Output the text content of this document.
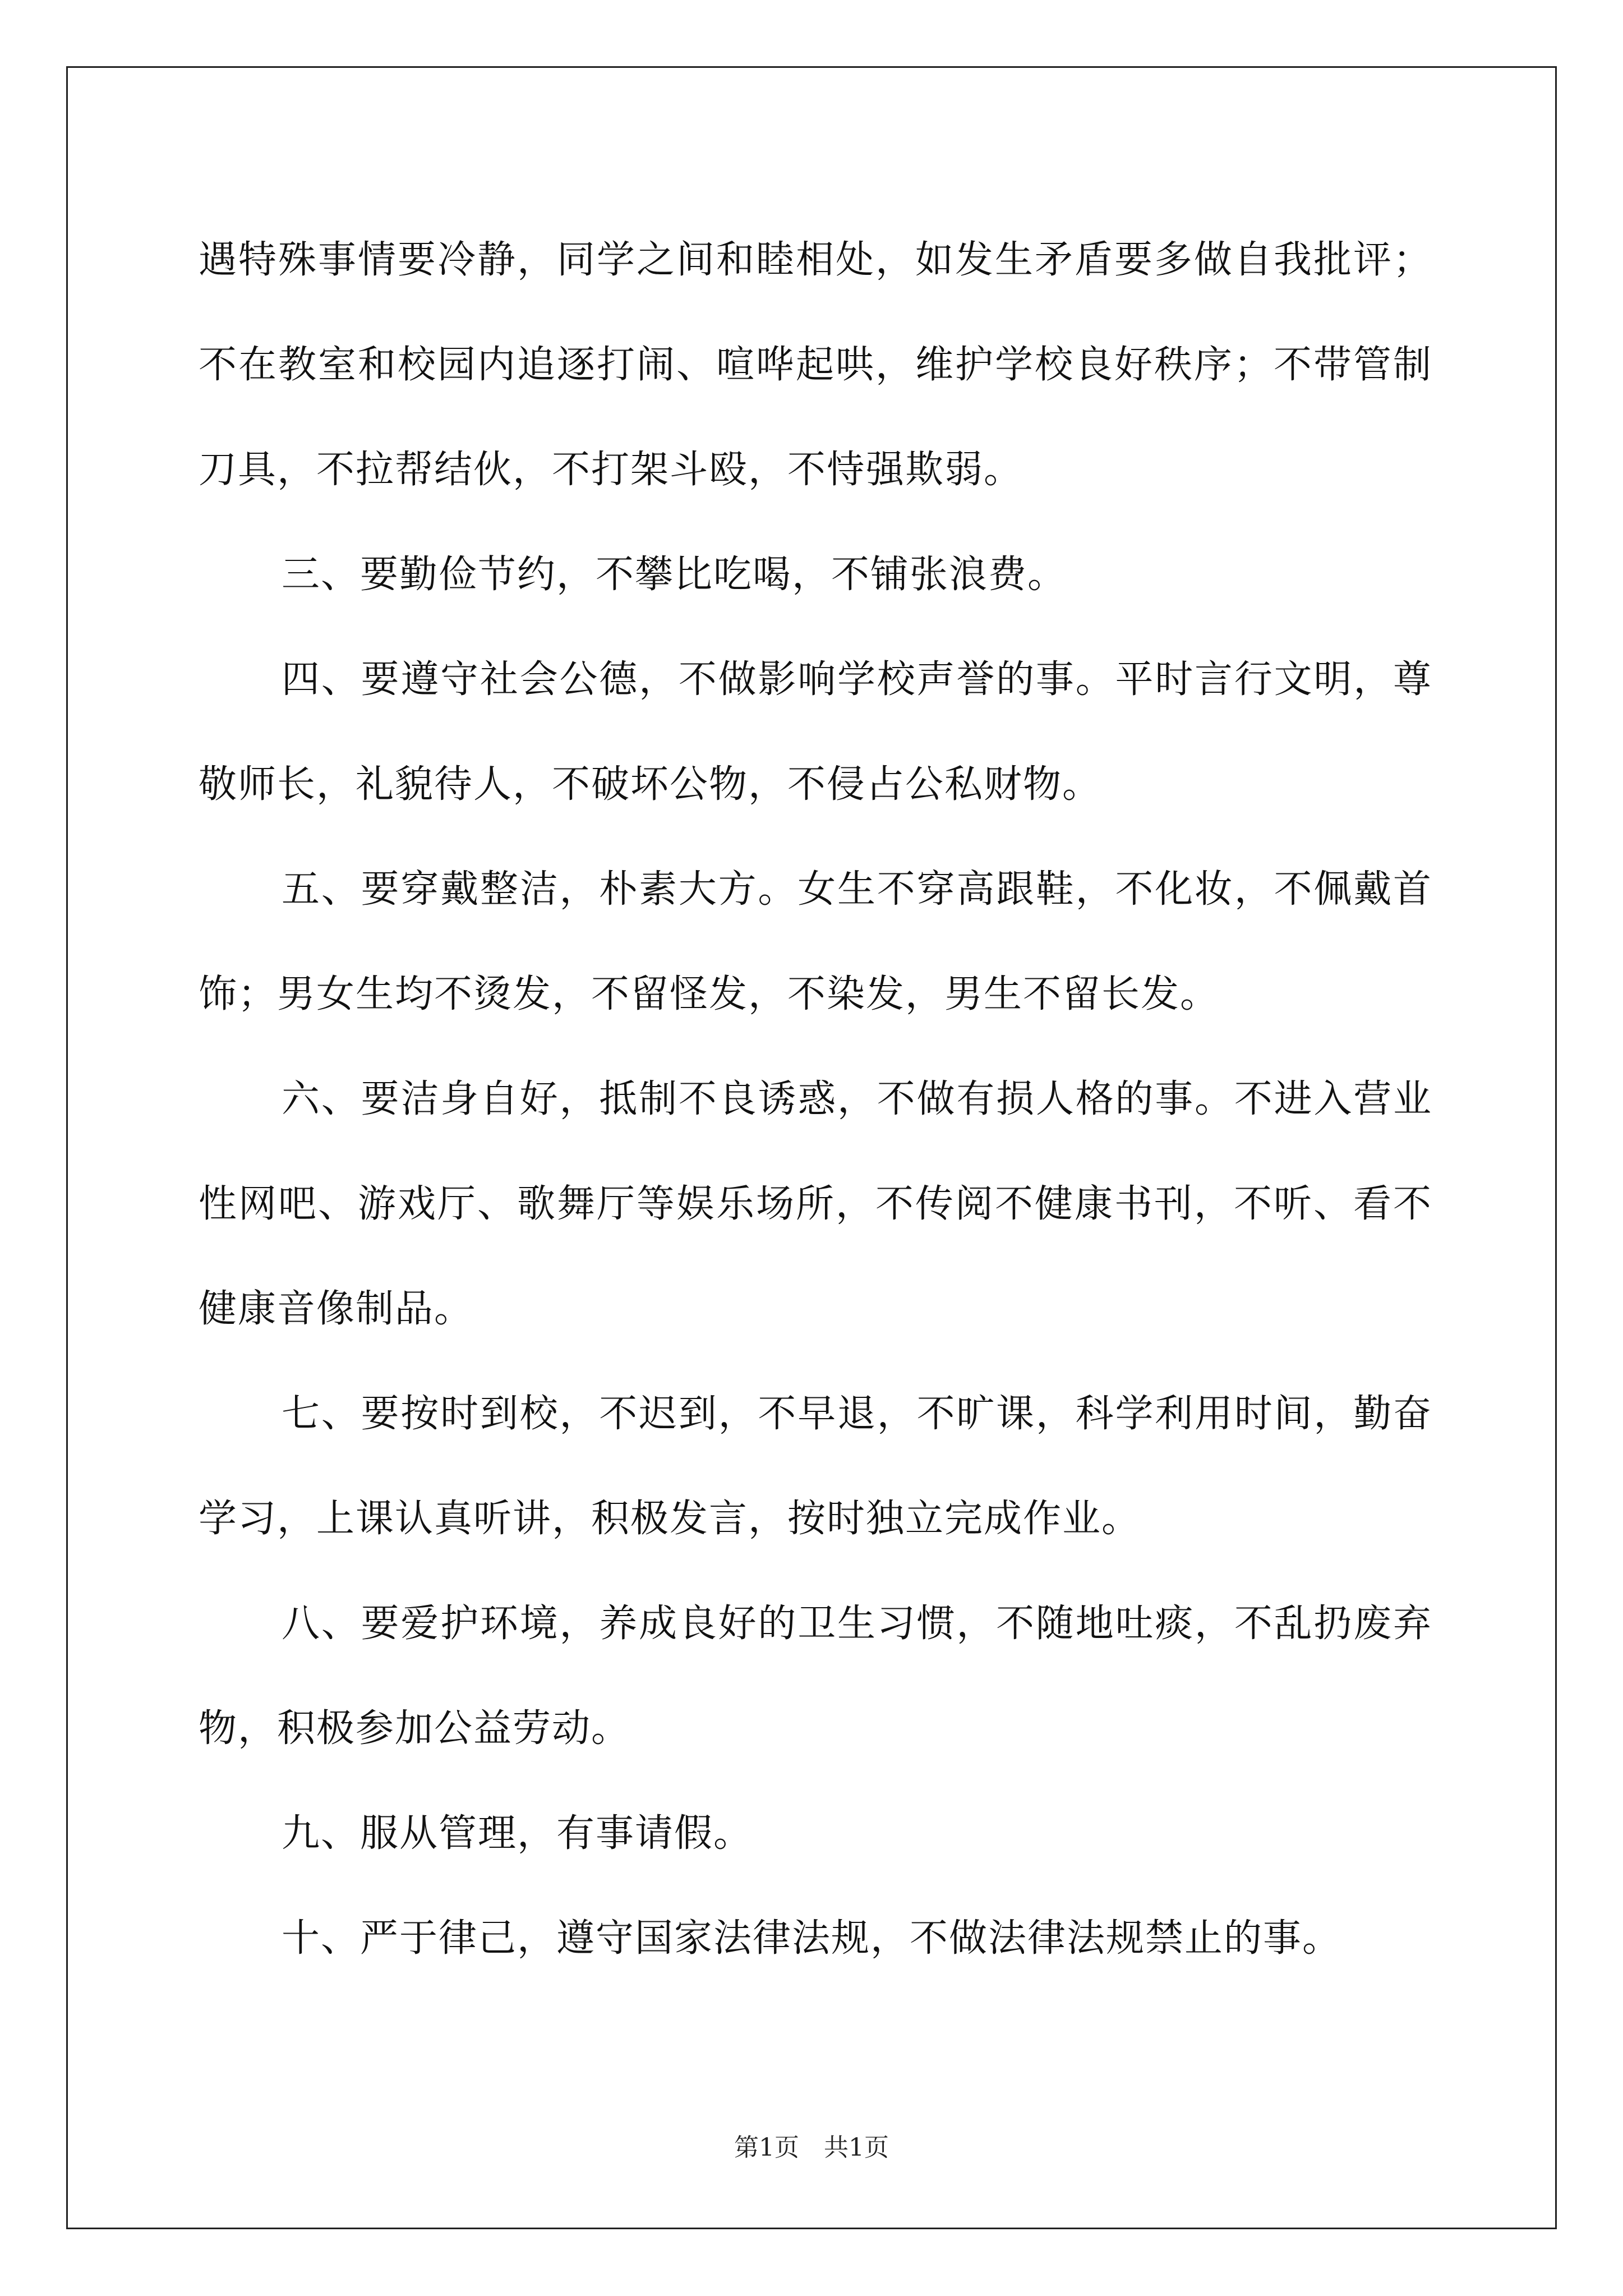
遇特殊事情要冷静，同学之间和睦相处，如发生矛盾要多做自我批评；不在教室和校园内追逐打闹、喧哗起哄，维护学校良好秩序；不带管制刀具，不拉帮结伙，不打架斗殴，不恃强欺弱。

三、要勤俭节约，不攀比吃喝，不铺张浪费。

四、要遵守社会公德，不做影响学校声誉的事。平时言行文明，尊敬师长，礼貌待人，不破坏公物，不侵占公私财物。

五、要穿戴整洁，朴素大方。女生不穿高跟鞋，不化妆，不佩戴首饰；男女生均不烫发，不留怪发，不染发，男生不留长发。

六、要洁身自好，抵制不良诱惑，不做有损人格的事。不进入营业性网吧、游戏厅、歌舞厅等娱乐场所，不传阅不健康书刊，不听、看不健康音像制品。

七、要按时到校，不迟到，不早退，不旷课，科学利用时间，勤奋学习，上课认真听讲，积极发言，按时独立完成作业。

八、要爱护环境，养成良好的卫生习惯，不随地吐痰，不乱扔废弃物，积极参加公益劳动。

九、服从管理，有事请假。

十、严于律己，遵守国家法律法规，不做法律法规禁止的事。

第1页　共1页
